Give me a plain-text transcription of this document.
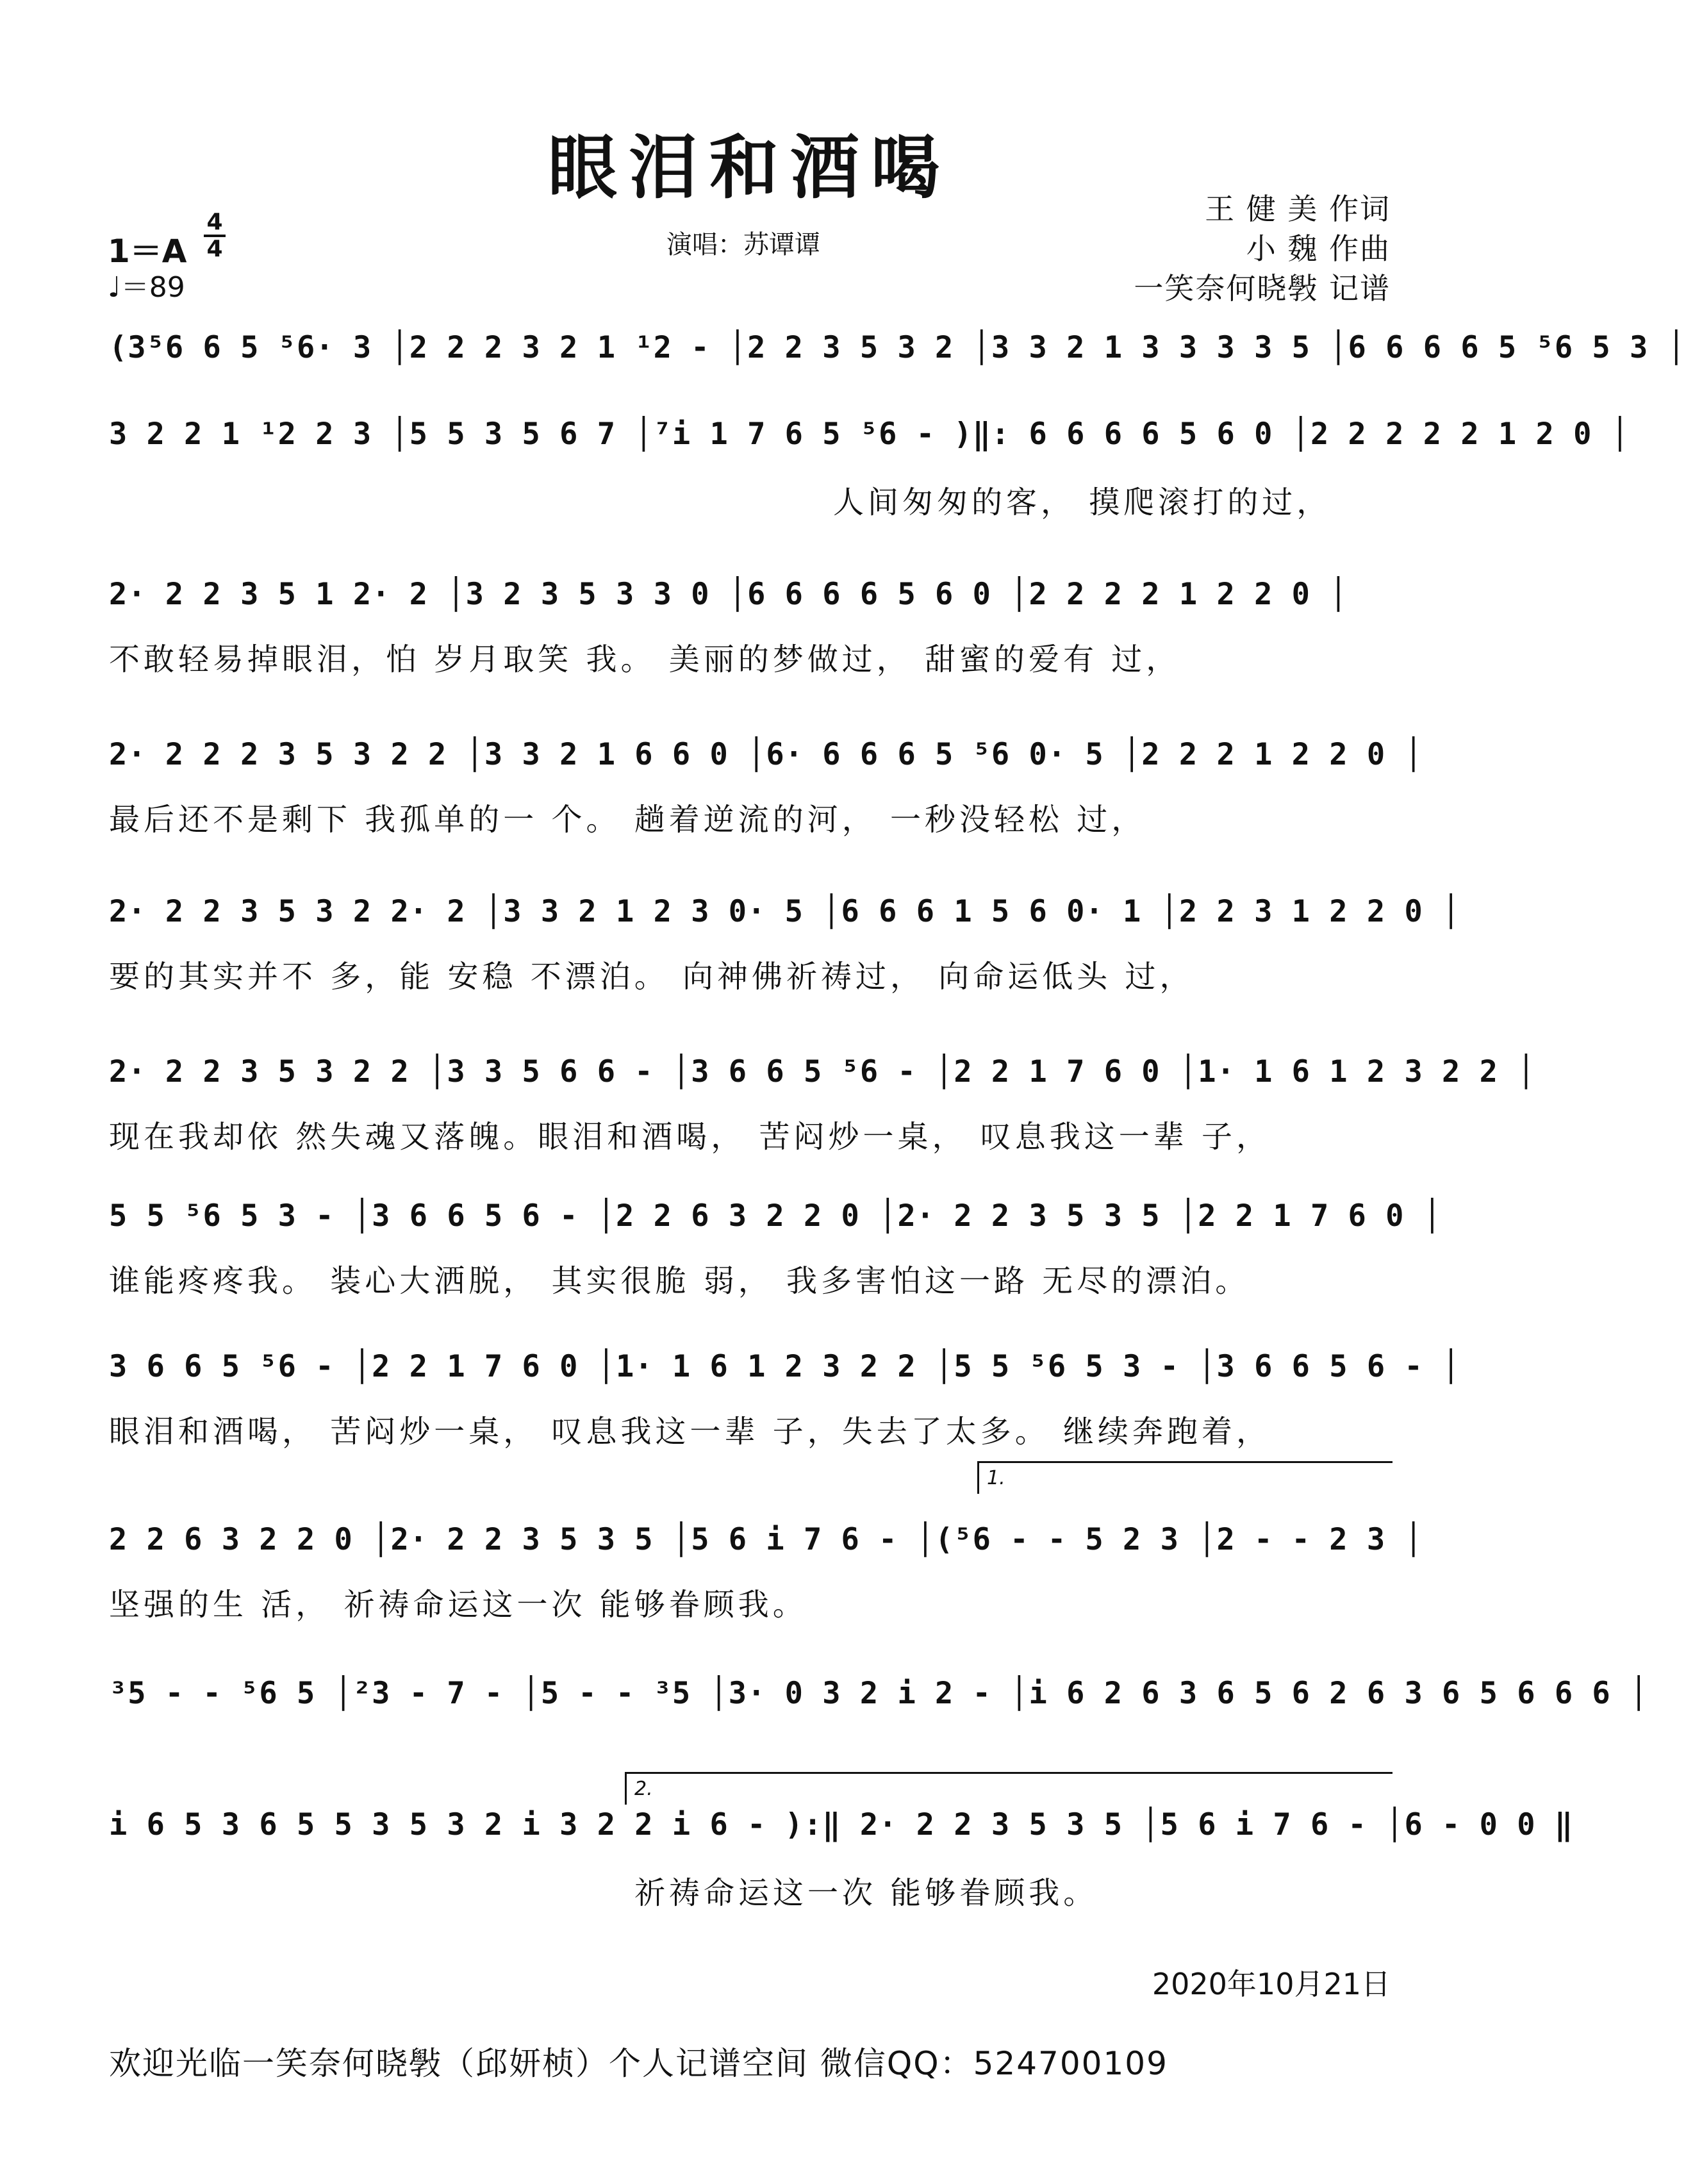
眼泪和酒喝
王 健 美 作词
小 魏 作曲
一笑奈何晓斅 记谱
1＝A
4
4
♩＝89
演唱：苏谭谭
(3⁵6 6 5 ⁵6· 3 │2 2 2 3 2 1 ¹2 - │2 2 3 5 3 2 │3 3 2 1 3 3 3 3 5 │6 6 6 6 5 ⁵6 5 3 │
3 2 2 1 ¹2 2 3 │5 5 3 5 6 7 │⁷i 1 7 6 5 ⁵6 - )‖: 6 6 6 6 5 6 0 │2 2 2 2 2 1 2 0 │
人间匆匆的客， 摸爬滚打的过，
2· 2 2 3 5 1 2· 2 │3 2 3 5 3 3 0 │6 6 6 6 5 6 0 │2 2 2 2 1 2 2 0 │
不敢轻易掉眼泪，怕 岁月取笑 我。 美丽的梦做过， 甜蜜的爱有 过，
2· 2 2 2 3 5 3 2 2 │3 3 2 1 6 6 0 │6· 6 6 6 5 ⁵6 0· 5 │2 2 2 1 2 2 0 │
最后还不是剩下 我孤单的一 个。 趟着逆流的河， 一秒没轻松 过，
2· 2 2 3 5 3 2 2· 2 │3 3 2 1 2 3 0· 5 │6 6 6 1 5 6 0· 1 │2 2 3 1 2 2 0 │
要的其实并不 多，能 安稳 不漂泊。 向神佛祈祷过， 向命运低头 过，
2· 2 2 3 5 3 2 2 │3 3 5 6 6 - │3 6 6 5 ⁵6 - │2 2 1 7 6 0 │1· 1 6 1 2 3 2 2 │
现在我却依 然失魂又落魄。眼泪和酒喝， 苦闷炒一桌， 叹息我这一辈 子，
5 5 ⁵6 5 3 - │3 6 6 5 6 - │2 2 6 3 2 2 0 │2· 2 2 3 5 3 5 │2 2 1 7 6 0 │
谁能疼疼我。 装心大洒脱， 其实很脆 弱， 我多害怕这一路 无尽的漂泊。
3 6 6 5 ⁵6 - │2 2 1 7 6 0 │1· 1 6 1 2 3 2 2 │5 5 ⁵6 5 3 - │3 6 6 5 6 - │
眼泪和酒喝， 苦闷炒一桌， 叹息我这一辈 子，失去了太多。 继续奔跑着，
1.
2 2 6 3 2 2 0 │2· 2 2 3 5 3 5 │5 6 i 7 6 - │(⁵6 - - 5 2 3 │2 - - 2 3 │
坚强的生 活， 祈祷命运这一次 能够眷顾我。
³5 - - ⁵6 5 │²3 - 7 - │5 - - ³5 │3· 0 3 2 i 2 - │i 6 2 6 3 6 5 6 2 6 3 6 5 6 6 6 │
2.
i 6 5 3 6 5 5 3 5 3 2 i 3 2 2 i 6 - ):‖ 2· 2 2 3 5 3 5 │5 6 i 7 6 - │6 - 0 0 ‖
祈祷命运这一次 能够眷顾我。
2020年10月21日
欢迎光临一笑奈何晓斅（邱妍桢）个人记谱空间 微信QQ：524700109
